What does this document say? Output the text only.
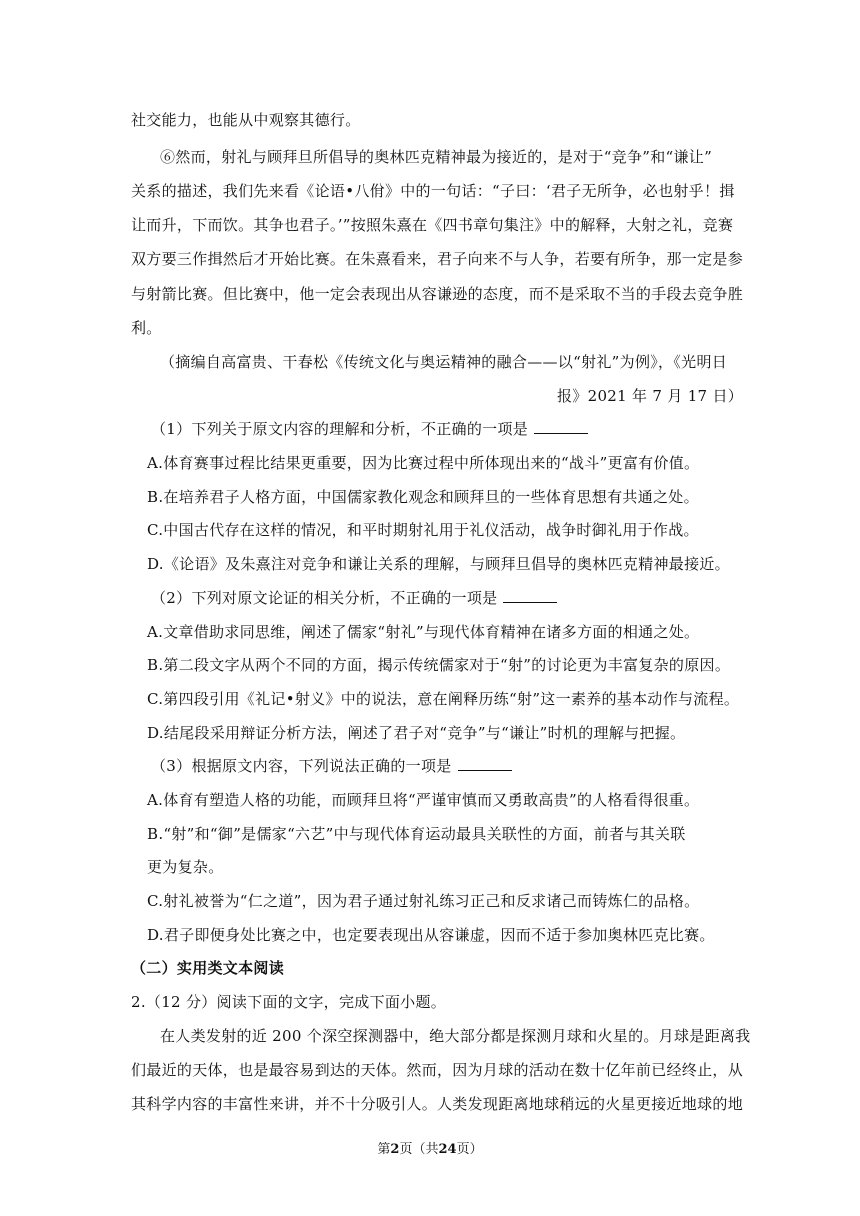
社交能力，也能从中观察其德行。
⑥然而，射礼与顾拜旦所倡导的奥林匹克精神最为接近的，是对于“竞争”和“谦让”
关系的描述，我们先来看《论语•八佾》中的一句话：“子曰：‘君子无所争，必也射乎！揖
让而升，下而饮。其争也君子。’”按照朱熹在《四书章句集注》中的解释，大射之礼，竞赛
双方要三作揖然后才开始比赛。在朱熹看来，君子向来不与人争，若要有所争，那一定是参
与射箭比赛。但比赛中，他一定会表现出从容谦逊的态度，而不是采取不当的手段去竞争胜
利。
（摘编自高富贵、干春松《传统文化与奥运精神的融合——以“射礼”为例》，《光明日
报》2021 年 7 月 17 日）
（1）下列关于原文内容的理解和分析，不正确的一项是
A.体育赛事过程比结果更重要，因为比赛过程中所体现出来的“战斗”更富有价值。
B.在培养君子人格方面，中国儒家教化观念和顾拜旦的一些体育思想有共通之处。
C.中国古代存在这样的情况，和平时期射礼用于礼仪活动，战争时御礼用于作战。
D.《论语》及朱熹注对竞争和谦让关系的理解，与顾拜旦倡导的奥林匹克精神最接近。
（2）下列对原文论证的相关分析，不正确的一项是
A.文章借助求同思维，阐述了儒家“射礼”与现代体育精神在诸多方面的相通之处。
B.第二段文字从两个不同的方面，揭示传统儒家对于“射”的讨论更为丰富复杂的原因。
C.第四段引用《礼记•射义》中的说法，意在阐释历练“射”这一素养的基本动作与流程。
D.结尾段采用辩证分析方法，阐述了君子对“竞争”与“谦让”时机的理解与把握。
（3）根据原文内容，下列说法正确的一项是
A.体育有塑造人格的功能，而顾拜旦将“严谨审慎而又勇敢高贵”的人格看得很重。
B.“射”和“御”是儒家“六艺”中与现代体育运动最具关联性的方面，前者与其关联
更为复杂。
C.射礼被誉为“仁之道”，因为君子通过射礼练习正己和反求诸己而铸炼仁的品格。
D.君子即便身处比赛之中，也定要表现出从容谦虚，因而不适于参加奥林匹克比赛。
（二）实用类文本阅读
2.（12 分）阅读下面的文字，完成下面小题。
在人类发射的近 200 个深空探测器中，绝大部分都是探测月球和火星的。月球是距离我
们最近的天体，也是最容易到达的天体。然而，因为月球的活动在数十亿年前已经终止，从
其科学内容的丰富性来讲，并不十分吸引人。人类发现距离地球稍远的火星更接近地球的地
第2页（共24页）
